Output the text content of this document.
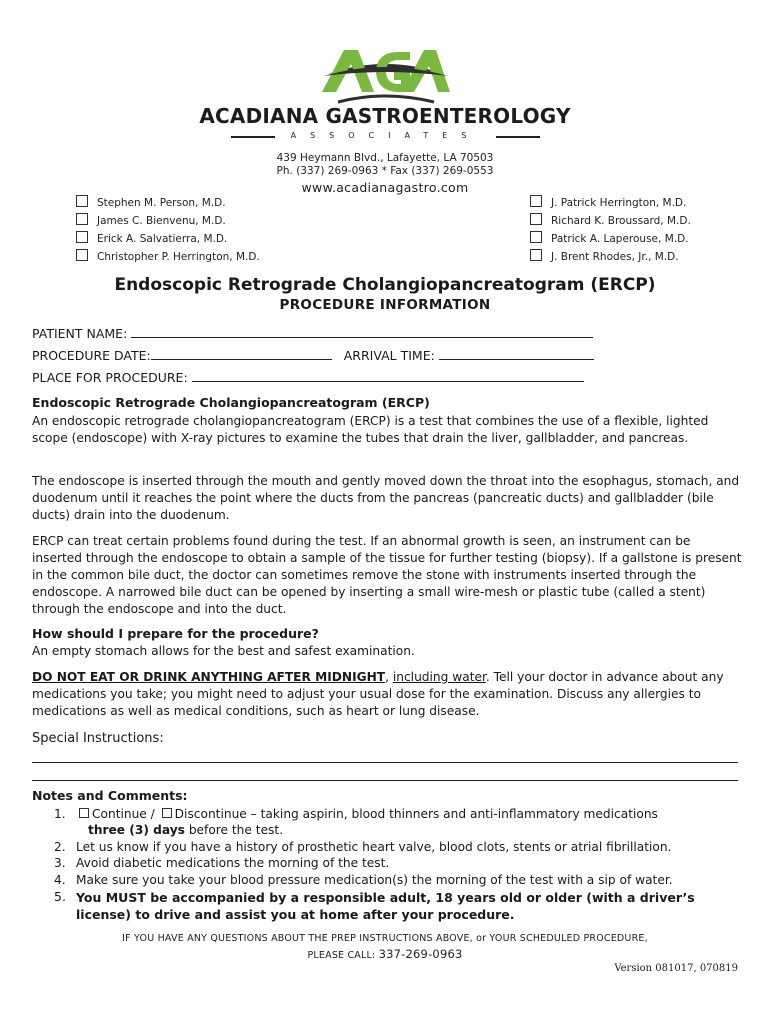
ACADIANA GASTROENTEROLOGY
ASSOCIATES
439 Heymann Blvd., Lafayette, LA 70503
Ph. (337) 269-0963 * Fax (337) 269-0553
www.acadianagastro.com
Stephen M. Person, M.D.
James C. Bienvenu, M.D.
Erick A. Salvatierra, M.D.
Christopher P. Herrington, M.D.
J. Patrick Herrington, M.D.
Richard K. Broussard, M.D.
Patrick A. Laperouse, M.D.
J. Brent Rhodes, Jr., M.D.
Endoscopic Retrograde Cholangiopancreatogram (ERCP)
PROCEDURE INFORMATION
PATIENT NAME:
PROCEDURE DATE:	ARRIVAL TIME:
PLACE FOR PROCEDURE:
Endoscopic Retrograde Cholangiopancreatogram (ERCP)
An endoscopic retrograde cholangiopancreatogram (ERCP) is a test that combines the use of a flexible, lighted scope (endoscope) with X-ray pictures to examine the tubes that drain the liver, gallbladder, and pancreas.
The endoscope is inserted through the mouth and gently moved down the throat into the esophagus, stomach, and duodenum until it reaches the point where the ducts from the pancreas (pancreatic ducts) and gallbladder (bile ducts) drain into the duodenum.
ERCP can treat certain problems found during the test. If an abnormal growth is seen, an instrument can be inserted through the endoscope to obtain a sample of the tissue for further testing (biopsy). If a gallstone is present in the common bile duct, the doctor can sometimes remove the stone with instruments inserted through the endoscope. A narrowed bile duct can be opened by inserting a small wire-mesh or plastic tube (called a stent) through the endoscope and into the duct.
How should I prepare for the procedure?
An empty stomach allows for the best and safest examination.
DO NOT EAT OR DRINK ANYTHING AFTER MIDNIGHT, including water. Tell your doctor in advance about any medications you take; you might need to adjust your usual dose for the examination. Discuss any allergies to medications as well as medical conditions, such as heart or lung disease.
Special Instructions:
Notes and Comments:
1.	Continue / Discontinue – taking aspirin, blood thinners and anti-inflammatory medications
three (3) days before the test.
2. Let us know if you have a history of prosthetic heart valve, blood clots, stents or atrial fibrillation.
3. Avoid diabetic medications the morning of the test.
4. Make sure you take your blood pressure medication(s) the morning of the test with a sip of water.
5. You MUST be accompanied by a responsible adult, 18 years old or older (with a driver’s license) to drive and assist you at home after your procedure.
IF YOU HAVE ANY QUESTIONS ABOUT THE PREP INSTRUCTIONS ABOVE, or YOUR SCHEDULED PROCEDURE,
PLEASE CALL: 337-269-0963
Version 081017, 070819
